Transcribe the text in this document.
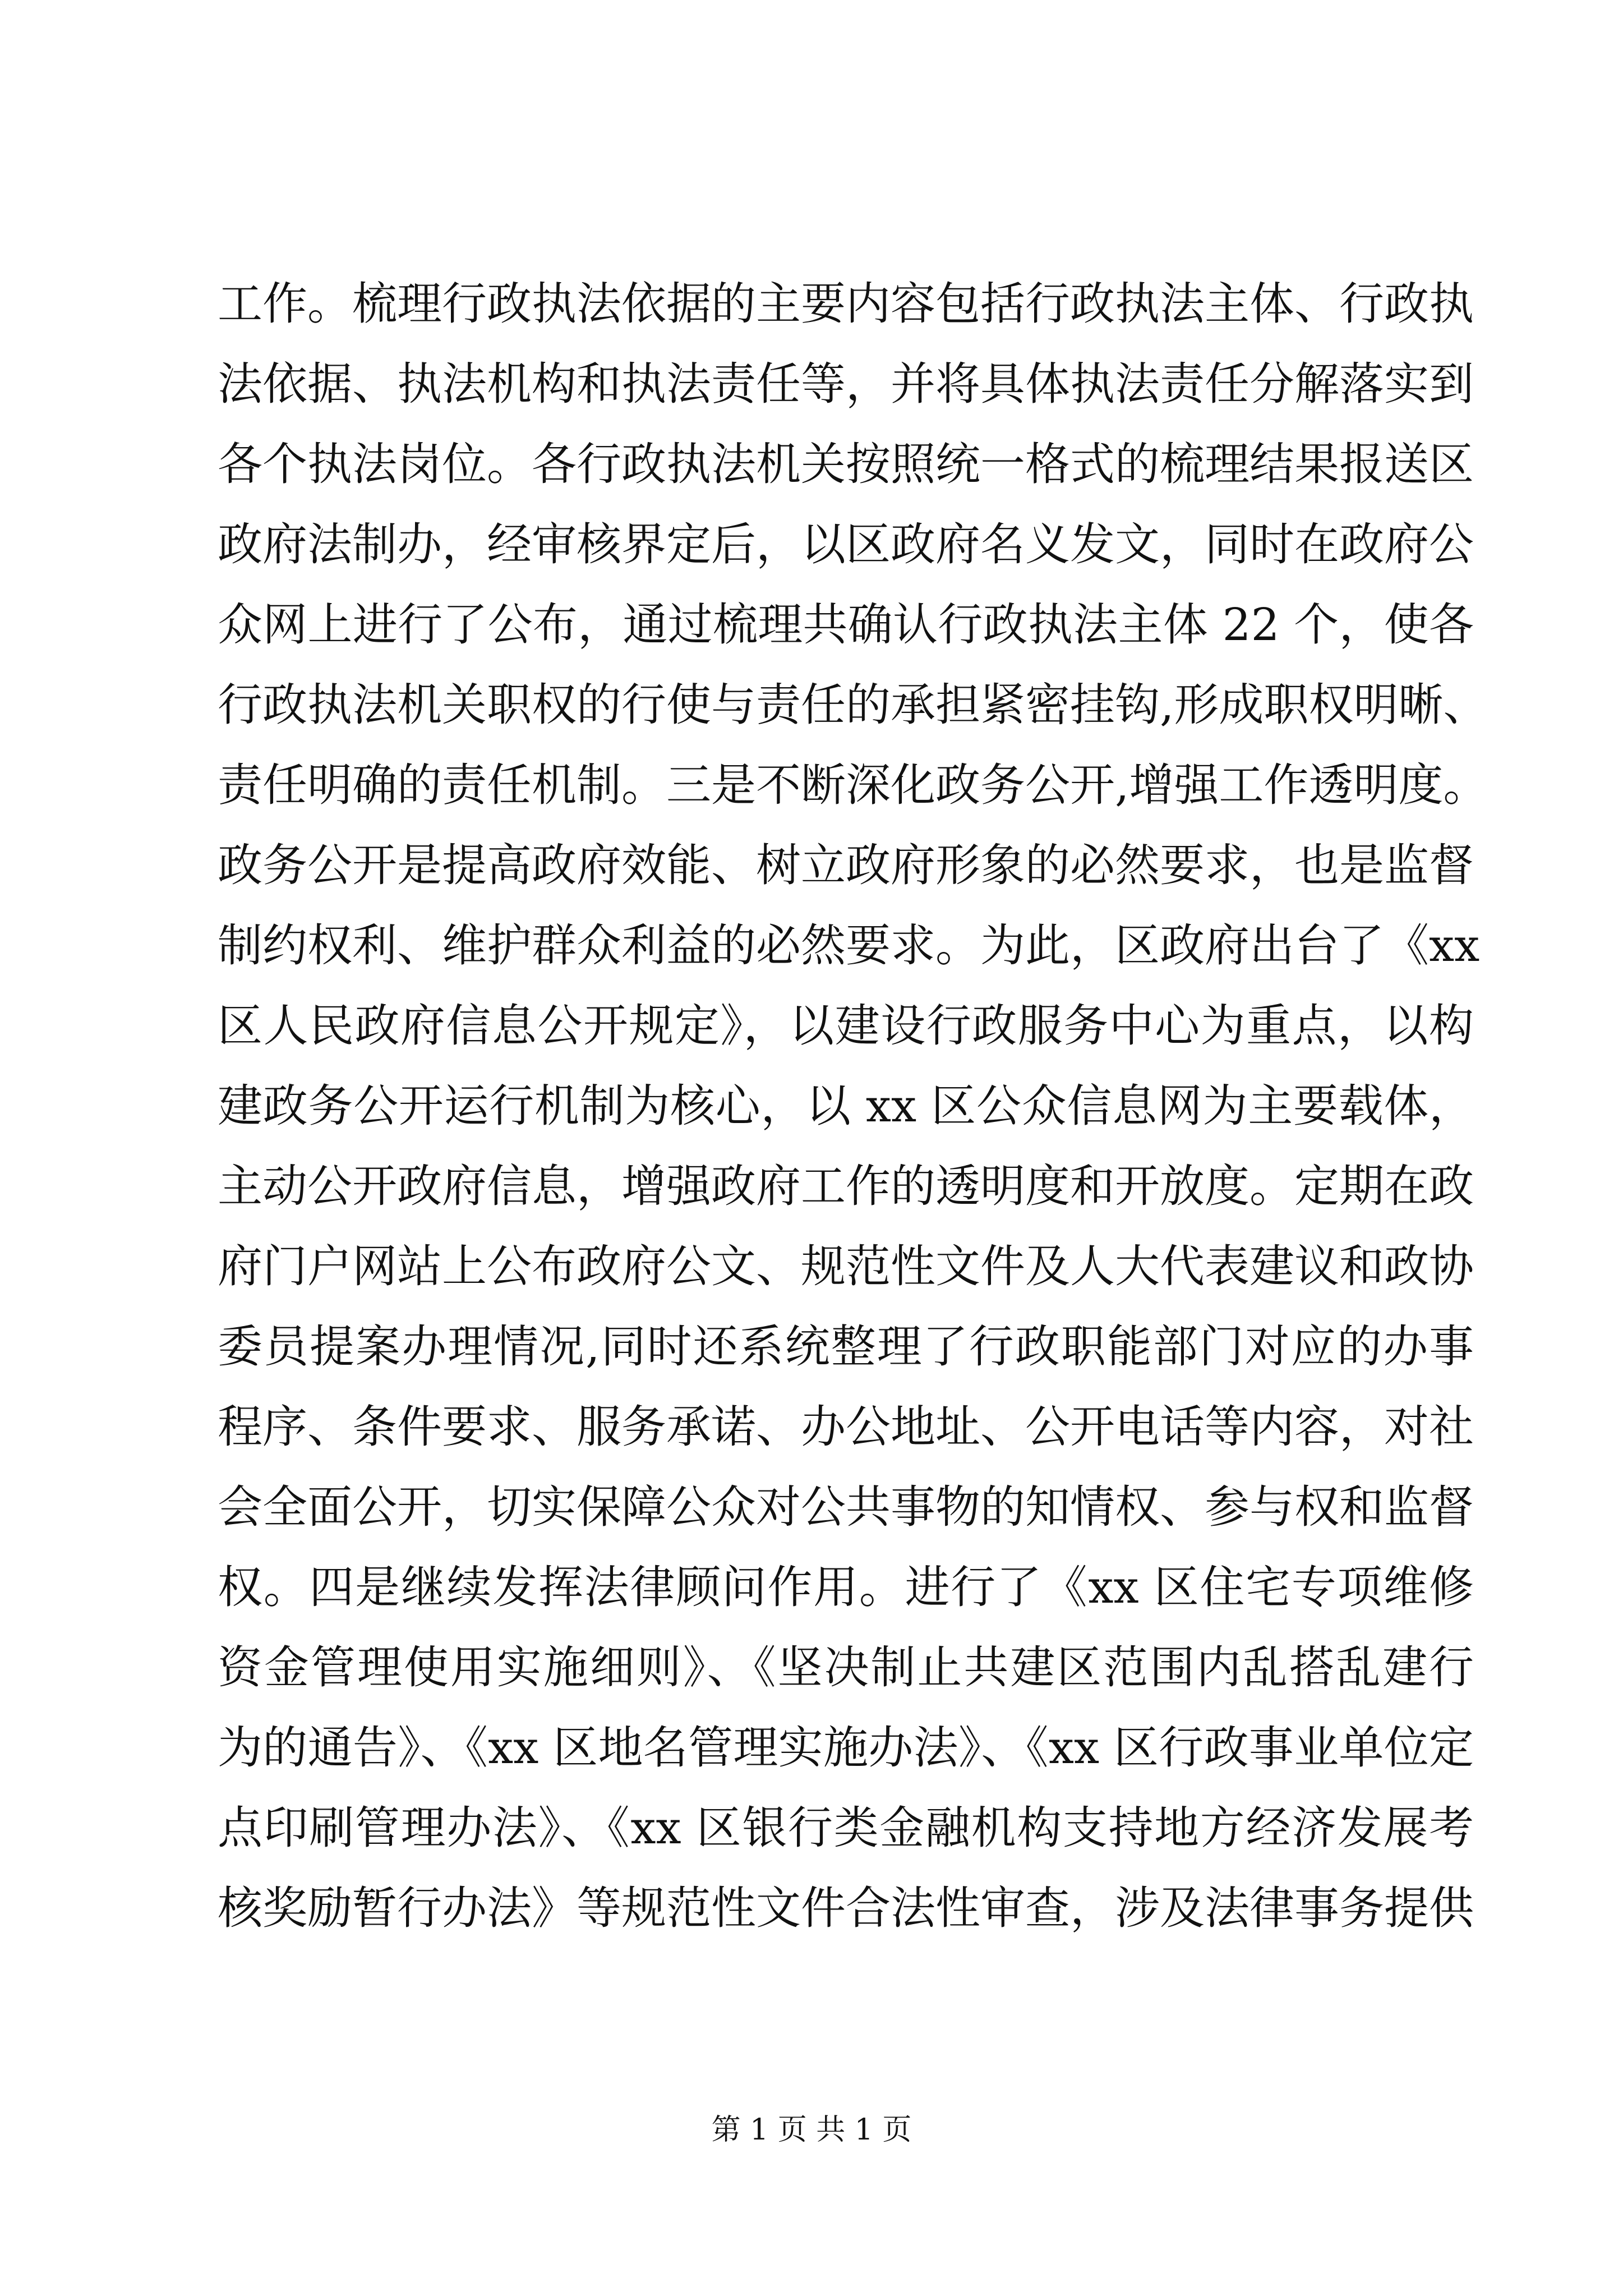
工作。梳理行政执法依据的主要内容包括行政执法主体、行政执
法依据、执法机构和执法责任等，并将具体执法责任分解落实到
各个执法岗位。各行政执法机关按照统一格式的梳理结果报送区
政府法制办，经审核界定后，以区政府名义发文，同时在政府公
众网上进行了公布，通过梳理共确认行政执法主体 22 个，使各
行政执法机关职权的行使与责任的承担紧密挂钩,形成职权明晰、
责任明确的责任机制。三是不断深化政务公开,增强工作透明度。
政务公开是提高政府效能、树立政府形象的必然要求，也是监督
制约权利、维护群众利益的必然要求。为此，区政府出台了《xx
区人民政府信息公开规定》，以建设行政服务中心为重点，以构
建政务公开运行机制为核心，以 xx 区公众信息网为主要载体，
主动公开政府信息，增强政府工作的透明度和开放度。定期在政
府门户网站上公布政府公文、规范性文件及人大代表建议和政协
委员提案办理情况,同时还系统整理了行政职能部门对应的办事
程序、条件要求、服务承诺、办公地址、公开电话等内容，对社
会全面公开，切实保障公众对公共事物的知情权、参与权和监督
权。四是继续发挥法律顾问作用。进行了《xx 区住宅专项维修
资金管理使用实施细则》、《坚决制止共建区范围内乱搭乱建行
为的通告》、《xx 区地名管理实施办法》、《xx 区行政事业单位定
点印刷管理办法》、《xx 区银行类金融机构支持地方经济发展考
核奖励暂行办法》等规范性文件合法性审查，涉及法律事务提供
第 1 页 共 1 页
